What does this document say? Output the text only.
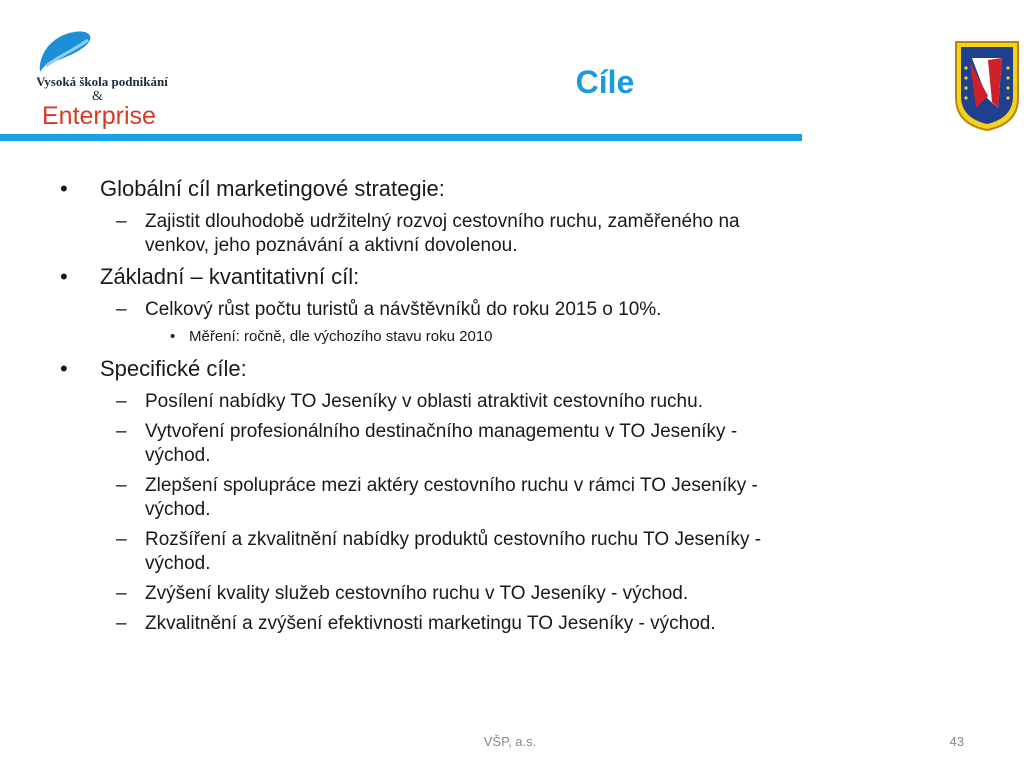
Vysoká škola podnikání
&
Enterprise
Cíle
• Globální cíl marketingové strategie:
– Zajistit dlouhodobě udržitelný rozvoj cestovního ruchu, zaměřeného na
venkov, jeho poznávání a aktivní dovolenou.
• Základní – kvantitativní cíl:
– Celkový růst počtu turistů a návštěvníků do roku 2015 o 10%.
• Měření: ročně, dle výchozího stavu roku 2010
• Specifické cíle:
– Posílení nabídky TO Jeseníky v oblasti atraktivit cestovního ruchu.
– Vytvoření profesionálního destinačního managementu v TO Jeseníky -
východ.
– Zlepšení spolupráce mezi aktéry cestovního ruchu v rámci TO Jeseníky -
východ.
– Rozšíření a zkvalitnění nabídky produktů cestovního ruchu TO Jeseníky -
východ.
– Zvýšení kvality služeb cestovního ruchu v TO Jeseníky - východ.
– Zkvalitnění a zvýšení efektivnosti marketingu TO Jeseníky - východ.
VŠP, a.s.	43
